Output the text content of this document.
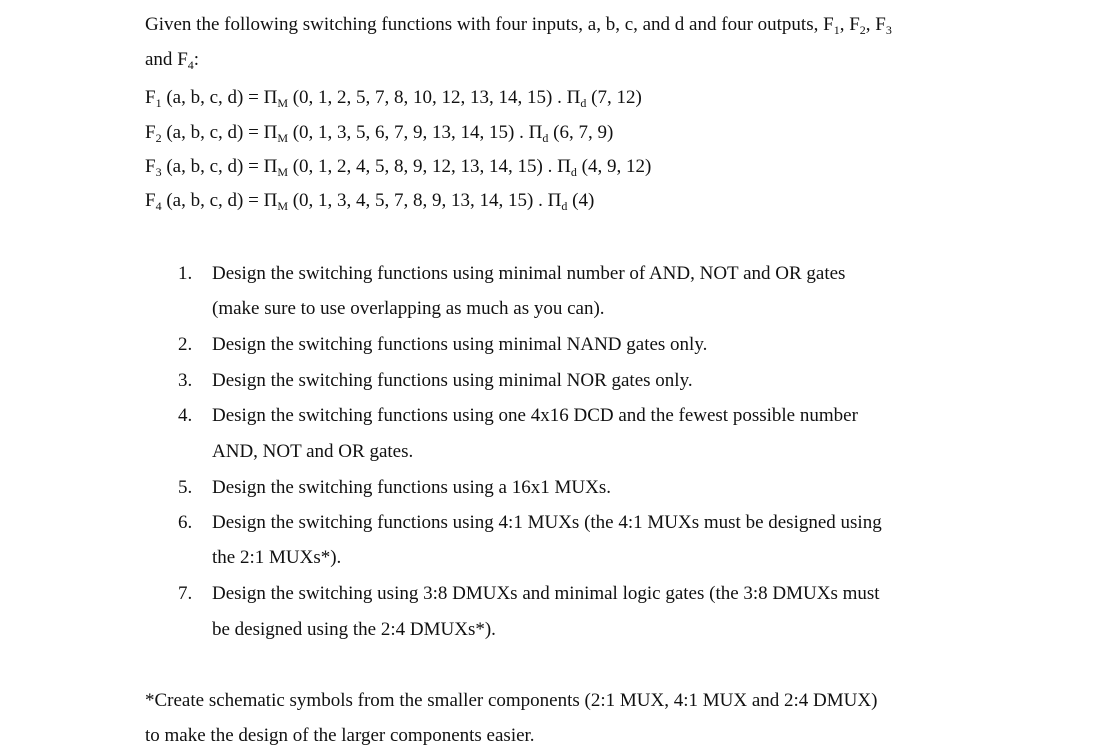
Given the following switching functions with four inputs, a, b, c, and d and four outputs, $F_1$, $F_2$, $F_3$
and $F_4$:
$F_1$ (a, b, c, $d) = \Pi_M$ (0, 1, 2, 5, 7, 8, 10, 12, 13, 14, 15) . $\Pi_d$ (7, 12)
$F_2$ (a, b, c, $d) = \Pi_M$ (0, 1, 3, 5, 6, 7, 9, 13, 14, 15) . $\Pi_d$ (6, 7, 9)
$F_3$ (a, b, c, $d) = \Pi_M$ (0, 1, 2, 4, 5, 8, 9, 12, 13, 14, 15) . $\Pi_d$ (4, 9, 12)
$F_4$ (a, b, c, $d) = \Pi_M$ (0, 1, 3, 4, 5, 7, 8, 9, 13, 14, 15) . $\Pi_d$ (4)
1.	Design the switching functions using minimal number of AND, NOT and OR gates
(make sure to use overlapping as much as you can).
2.	Design the switching functions using minimal NAND gates only.
3.	Design the switching functions using minimal NOR gates only.
4.	Design the switching functions using one 4x16 DCD and the fewest possible number
AND, NOT and OR gates.
5.	Design the switching functions using a 16x1 MUXs.
6.	Design the switching functions using 4:1 MUXs (the 4:1 MUXs must be designed using
the 2:1 MUXs*).
7.	Design the switching using 3:8 DMUXs and minimal logic gates (the 3:8 DMUXs must
be designed using the 2:4 DMUXs*).
*Create schematic symbols from the smaller components (2:1 MUX, 4:1 MUX and 2:4 DMUX)
to make the design of the larger components easier.
